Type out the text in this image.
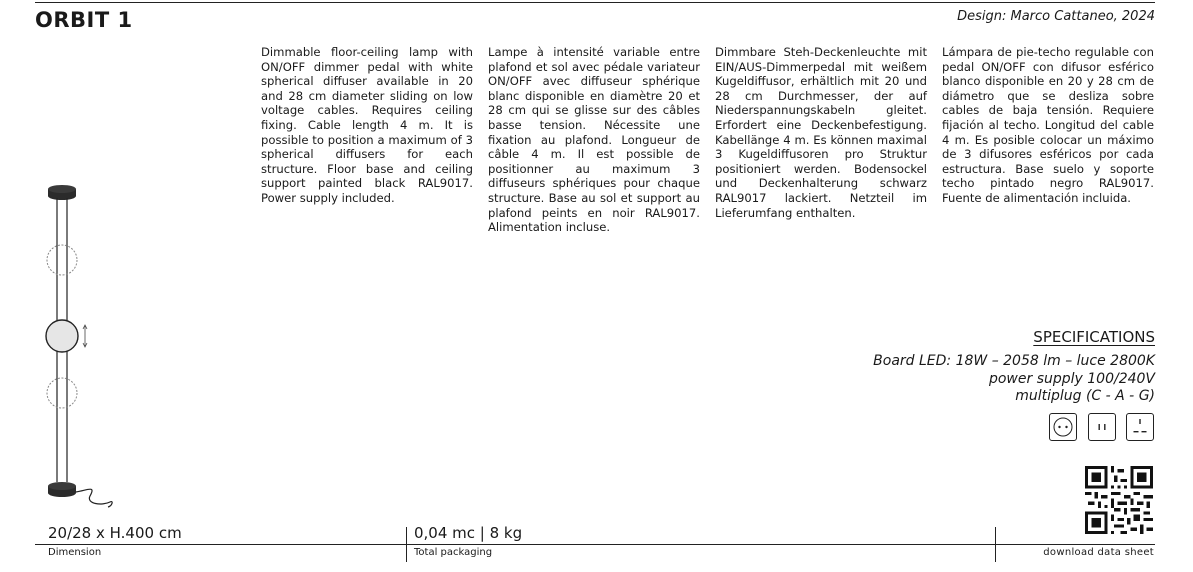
ORBIT 1	Design: Marco Cattaneo, 2024
Dimmable floor-ceiling lamp with ON/OFF dimmer pedal with white spherical diffuser available in 20 and 28 cm diameter sliding on low voltage cables. Requires ceiling fixing. Cable length 4 m. It is possible to position a maximum of 3 spherical diffusers for each structure. Floor base and ceiling support painted black RAL9017. Power supply included.
Lampe à intensité variable entre plafond et sol avec pédale variateur ON/OFF avec diffuseur sphérique blanc disponible en diamètre 20 et 28 cm qui se glisse sur des câbles basse tension. Nécessite une fixation au plafond. Longueur de câble 4 m. Il est possible de positionner au maximum 3 diffuseurs sphériques pour chaque structure. Base au sol et support au plafond peints en noir RAL9017. Alimentation incluse.
Dimmbare Steh-Deckenleuchte mit EIN/AUS-Dimmerpedal mit weißem Kugeldiffusor, erhältlich mit 20 und 28 cm Durchmesser, der auf Niederspannungskabeln gleitet. Erfordert eine Deckenbefestigung. Kabellänge 4 m. Es können maximal 3 Kugeldiffusoren pro Struktur positioniert werden. Bodensockel und Deckenhalterung schwarz RAL9017 lackiert. Netzteil im Lieferumfang enthalten.
Lámpara de pie-techo regulable con pedal ON/OFF con difusor esférico blanco disponible en 20 y 28 cm de diámetro que se desliza sobre cables de baja tensión. Requiere fijación al techo. Longitud del cable 4 m. Es posible colocar un máximo de 3 difusores esféricos por cada estructura. Base suelo y soporte techo pintado negro RAL9017. Fuente de alimentación incluida.
SPECIFICATIONS
Board LED: 18W – 2058 lm – luce 2800K
power supply 100/240V
multiplug (C - A - G)
20/28 x H.400 cm
Dimension
0,04 mc | 8 kg
Total packaging	download data sheet
